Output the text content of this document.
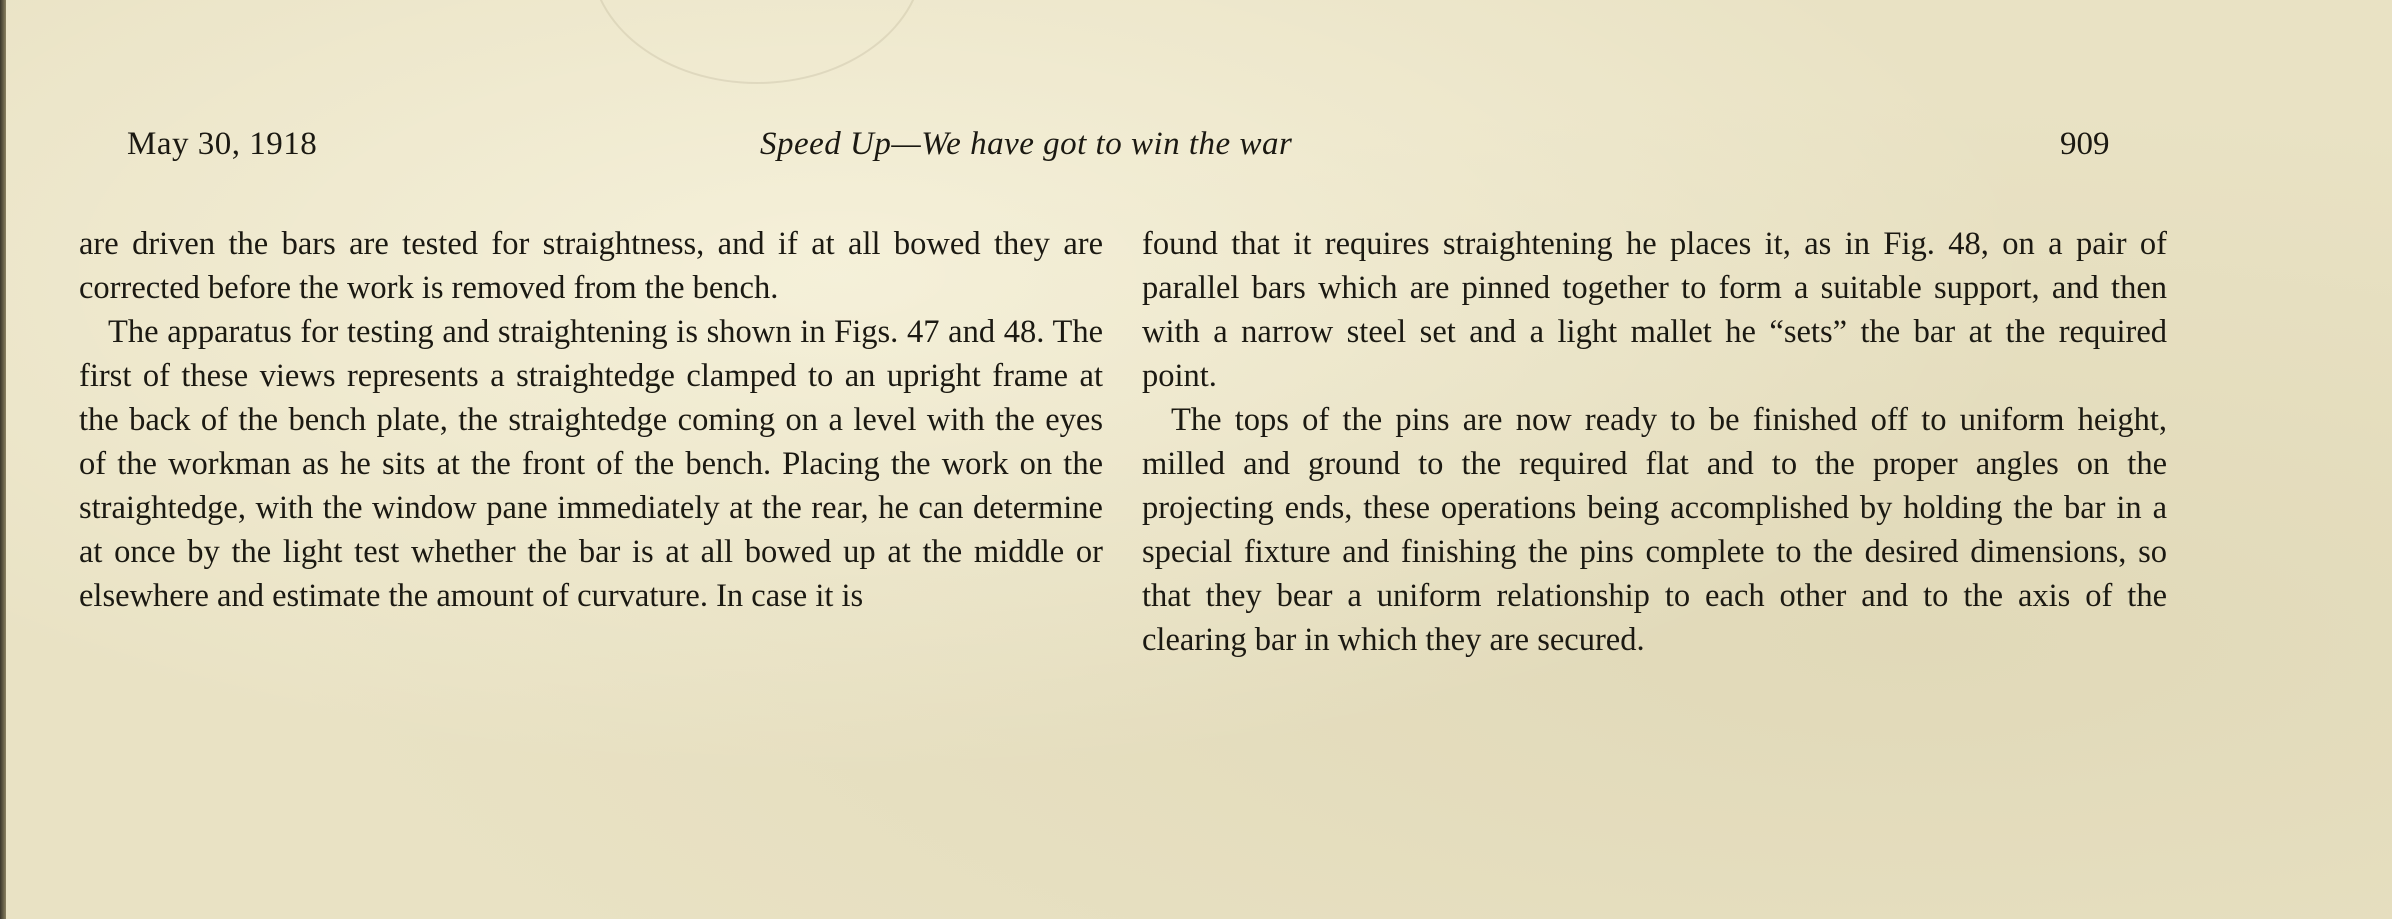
May 30, 1918	Speed Up—We have got to win the war	909

are driven the bars are tested for straightness, and if at all bowed they are corrected before the work is removed from the bench.

The apparatus for testing and straightening is shown in Figs. 47 and 48. The first of these views represents a straightedge clamped to an upright frame at the back of the bench plate, the straightedge coming on a level with the eyes of the workman as he sits at the front of the bench. Placing the work on the straightedge, with the window pane immediately at the rear, he can determine at once by the light test whether the bar is at all bowed up at the middle or elsewhere and estimate the amount of curvature. In case it is

found that it requires straightening he places it, as in Fig. 48, on a pair of parallel bars which are pinned together to form a suitable support, and then with a narrow steel set and a light mallet he “sets” the bar at the required point.

The tops of the pins are now ready to be finished off to uniform height, milled and ground to the required flat and to the proper angles on the projecting ends, these operations being accomplished by holding the bar in a special fixture and finishing the pins complete to the desired dimensions, so that they bear a uniform relationship to each other and to the axis of the clearing bar in which they are secured.
